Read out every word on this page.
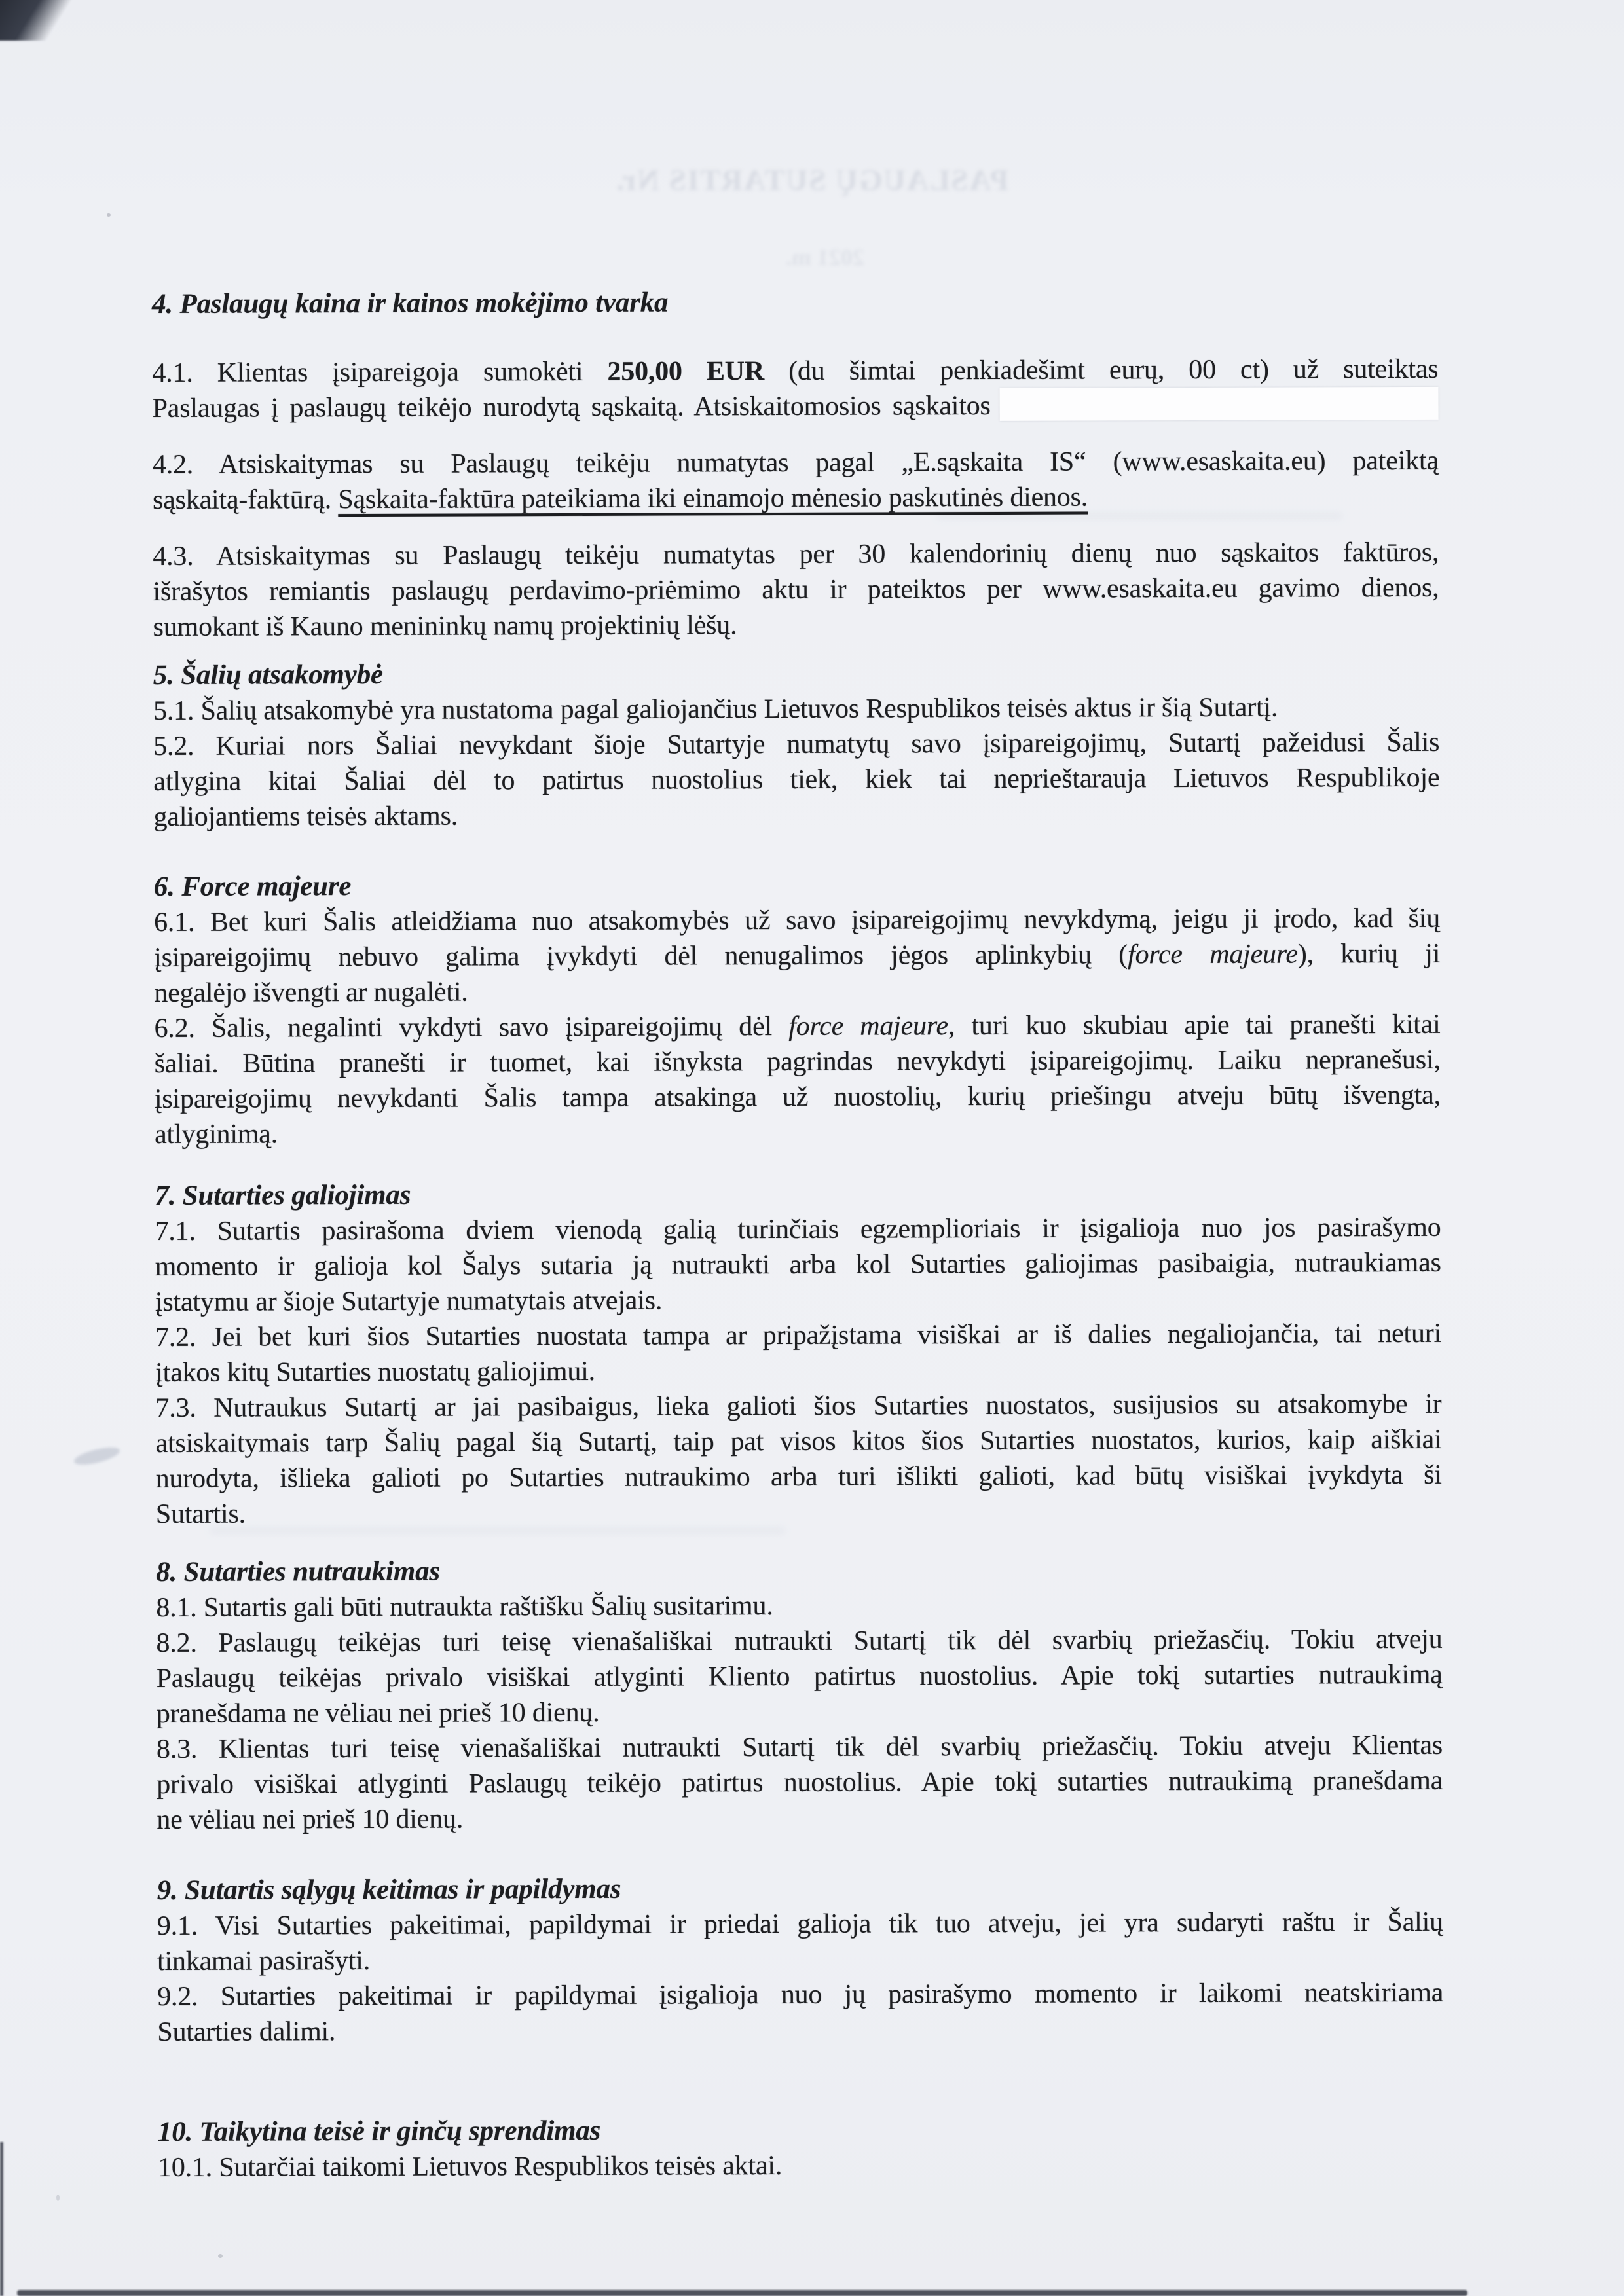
PASLAUGŲ SUTARTIS Nr.
2021 m.
4. Paslaugų kaina ir kainos mokėjimo tvarka
4.1. Klientas įsipareigoja sumokėti 250,00 EUR (du šimtai penkiadešimt eurų, 00 ct) už suteiktas
Paslaugas į paslaugų teikėjo nurodytą sąskaitą. Atsiskaitomosios sąskaitos
4.2. Atsiskaitymas su Paslaugų teikėju numatytas pagal „E.sąskaita IS“ (www.esaskaita.eu) pateiktą
sąskaitą-faktūrą. Sąskaita-faktūra pateikiama iki einamojo mėnesio paskutinės dienos.
4.3. Atsiskaitymas su Paslaugų teikėju numatytas per 30 kalendorinių dienų nuo sąskaitos faktūros,
išrašytos remiantis paslaugų perdavimo-priėmimo aktu ir pateiktos per www.esaskaita.eu gavimo dienos,
sumokant iš Kauno menininkų namų projektinių lėšų.
5. Šalių atsakomybė
5.1. Šalių atsakomybė yra nustatoma pagal galiojančius Lietuvos Respublikos teisės aktus ir šią Sutartį.
5.2. Kuriai nors Šaliai nevykdant šioje Sutartyje numatytų savo įsipareigojimų, Sutartį pažeidusi Šalis
atlygina kitai Šaliai dėl to patirtus nuostolius tiek, kiek tai neprieštarauja Lietuvos Respublikoje
galiojantiems teisės aktams.
6. Force majeure
6.1. Bet kuri Šalis atleidžiama nuo atsakomybės už savo įsipareigojimų nevykdymą, jeigu ji įrodo, kad šių
įsipareigojimų nebuvo galima įvykdyti dėl nenugalimos jėgos aplinkybių (force majeure), kurių ji
negalėjo išvengti ar nugalėti.
6.2. Šalis, negalinti vykdyti savo įsipareigojimų dėl force majeure, turi kuo skubiau apie tai pranešti kitai
šaliai. Būtina pranešti ir tuomet, kai išnyksta pagrindas nevykdyti įsipareigojimų. Laiku nepranešusi,
įsipareigojimų nevykdanti Šalis tampa atsakinga už nuostolių, kurių priešingu atveju būtų išvengta,
atlyginimą.
7. Sutarties galiojimas
7.1. Sutartis pasirašoma dviem vienodą galią turinčiais egzemplioriais ir įsigalioja nuo jos pasirašymo
momento ir galioja kol Šalys sutaria ją nutraukti arba kol Sutarties galiojimas pasibaigia, nutraukiamas
įstatymu ar šioje Sutartyje numatytais atvejais.
7.2. Jei bet kuri šios Sutarties nuostata tampa ar pripažįstama visiškai ar iš dalies negaliojančia, tai neturi
įtakos kitų Sutarties nuostatų galiojimui.
7.3. Nutraukus Sutartį ar jai pasibaigus, lieka galioti šios Sutarties nuostatos, susijusios su atsakomybe ir
atsiskaitymais tarp Šalių pagal šią Sutartį, taip pat visos kitos šios Sutarties nuostatos, kurios, kaip aiškiai
nurodyta, išlieka galioti po Sutarties nutraukimo arba turi išlikti galioti, kad būtų visiškai įvykdyta ši
Sutartis.
8. Sutarties nutraukimas
8.1. Sutartis gali būti nutraukta raštišku Šalių susitarimu.
8.2. Paslaugų teikėjas turi teisę vienašališkai nutraukti Sutartį tik dėl svarbių priežasčių. Tokiu atveju
Paslaugų teikėjas privalo visiškai atlyginti Kliento patirtus nuostolius. Apie tokį sutarties nutraukimą
pranešdama ne vėliau nei prieš 10 dienų.
8.3. Klientas turi teisę vienašališkai nutraukti Sutartį tik dėl svarbių priežasčių. Tokiu atveju Klientas
privalo visiškai atlyginti Paslaugų teikėjo patirtus nuostolius. Apie tokį sutarties nutraukimą pranešdama
ne vėliau nei prieš 10 dienų.
9. Sutartis sąlygų keitimas ir papildymas
9.1. Visi Sutarties pakeitimai, papildymai ir priedai galioja tik tuo atveju, jei yra sudaryti raštu ir Šalių
tinkamai pasirašyti.
9.2. Sutarties pakeitimai ir papildymai įsigalioja nuo jų pasirašymo momento ir laikomi neatskiriama
Sutarties dalimi.
10. Taikytina teisė ir ginčų sprendimas
10.1. Sutarčiai taikomi Lietuvos Respublikos teisės aktai.
